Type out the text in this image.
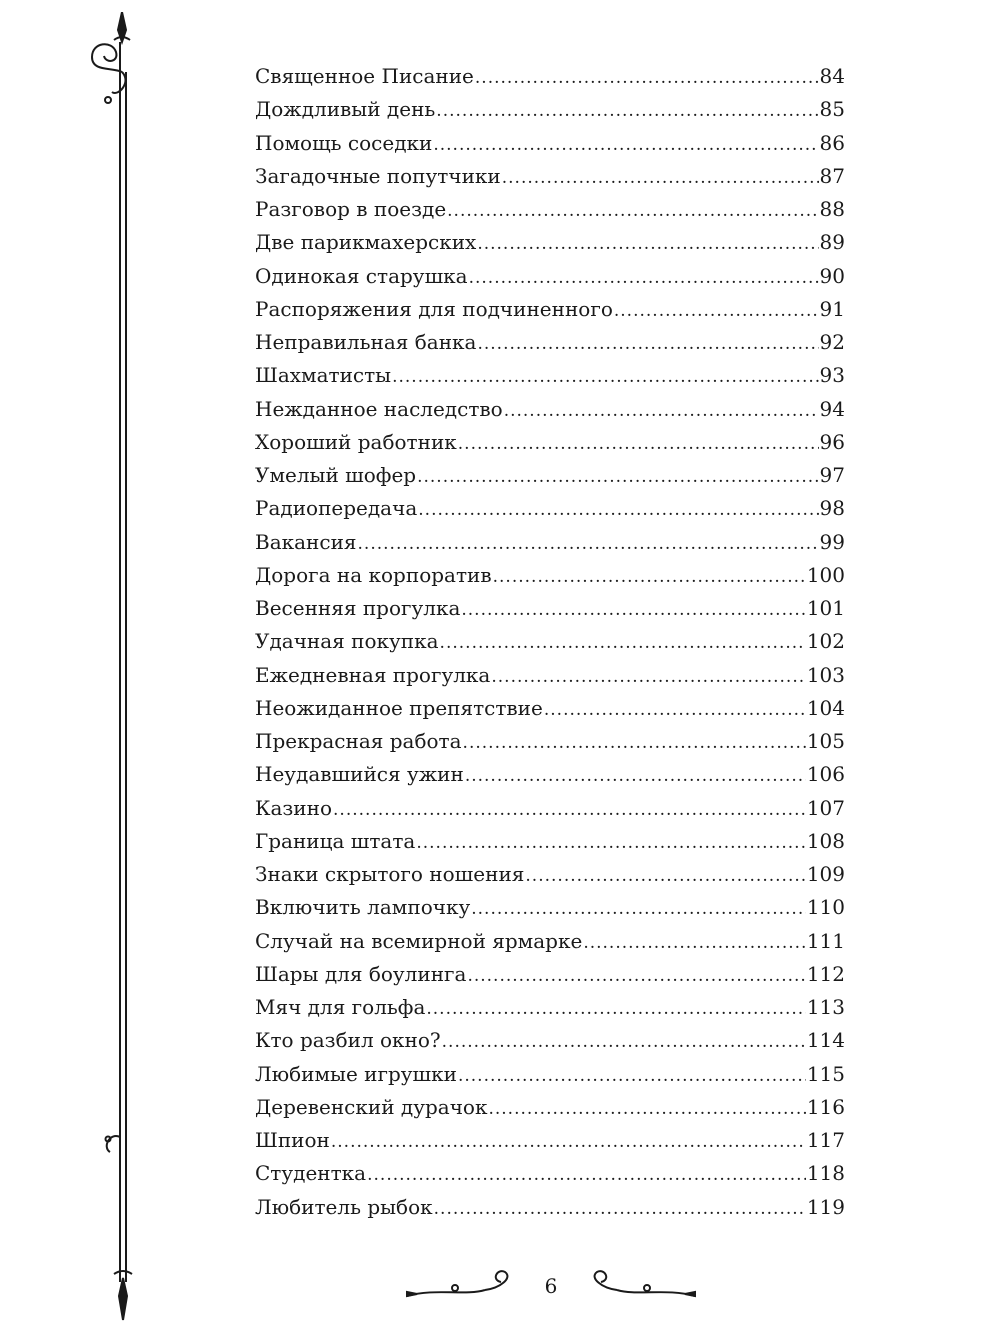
Священное Писание .....	84
Дождливый день .....	85
Помощь соседки .....	86
Загадочные попутчики .....	87
Разговор в поезде .....	88
Две парикмахерских .....	89
Одинокая старушка .....	90
Распоряжения для подчиненного .....	91
Неправильная банка .....	92
Шахматисты .....	93
Нежданное наследство .....	94
Хороший работник .....	96
Умелый шофер .....	97
Радиопередача .....	98
Вакансия .....	99
Дорога на корпоратив .....	100
Весенняя прогулка .....	101
Удачная покупка .....	102
Ежедневная прогулка .....	103
Неожиданное препятствие .....	104
Прекрасная работа .....	105
Неудавшийся ужин .....	106
Казино .....	107
Граница штата .....	108
Знаки скрытого ношения .....	109
Включить лампочку .....	110
Случай на всемирной ярмарке .....	111
Шары для боулинга .....	112
Мяч для гольфа .....	113
Кто разбил окно? .....	114
Любимые игрушки .....	115
Деревенский дурачок .....	116
Шпион .....	117
Студентка .....	118
Любитель рыбок .....	119
6
